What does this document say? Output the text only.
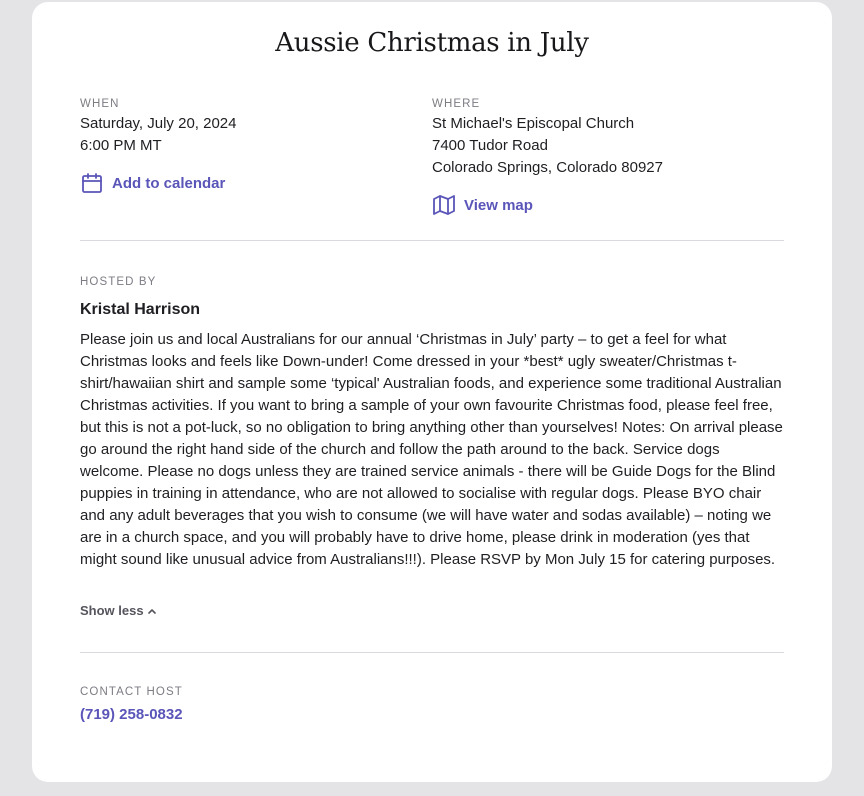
Aussie Christmas in July
WHEN
Saturday, July 20, 2024
6:00 PM MT
Add to calendar
WHERE
St Michael's Episcopal Church
7400 Tudor Road
Colorado Springs, Colorado 80927
View map
HOSTED BY
Kristal Harrison
Please join us and local Australians for our annual ‘Christmas in July’ party – to get a feel for what Christmas looks and feels like Down-under! Come dressed in your *best* ugly sweater/Christmas t-shirt/hawaiian shirt and sample some ‘typical' Australian foods, and experience some traditional Australian Christmas activities. If you want to bring a sample of your own favourite Christmas food, please feel free, but this is not a pot-luck, so no obligation to bring anything other than yourselves! Notes: On arrival please go around the right hand side of the church and follow the path around to the back. Service dogs welcome. Please no dogs unless they are trained service animals - there will be Guide Dogs for the Blind puppies in training in attendance, who are not allowed to socialise with regular dogs. Please BYO chair and any adult beverages that you wish to consume (we will have water and sodas available) – noting we are in a church space, and you will probably have to drive home, please drink in moderation (yes that might sound like unusual advice from Australians!!!). Please RSVP by Mon July 15 for catering purposes.
Show less
CONTACT HOST
(719) 258-0832
